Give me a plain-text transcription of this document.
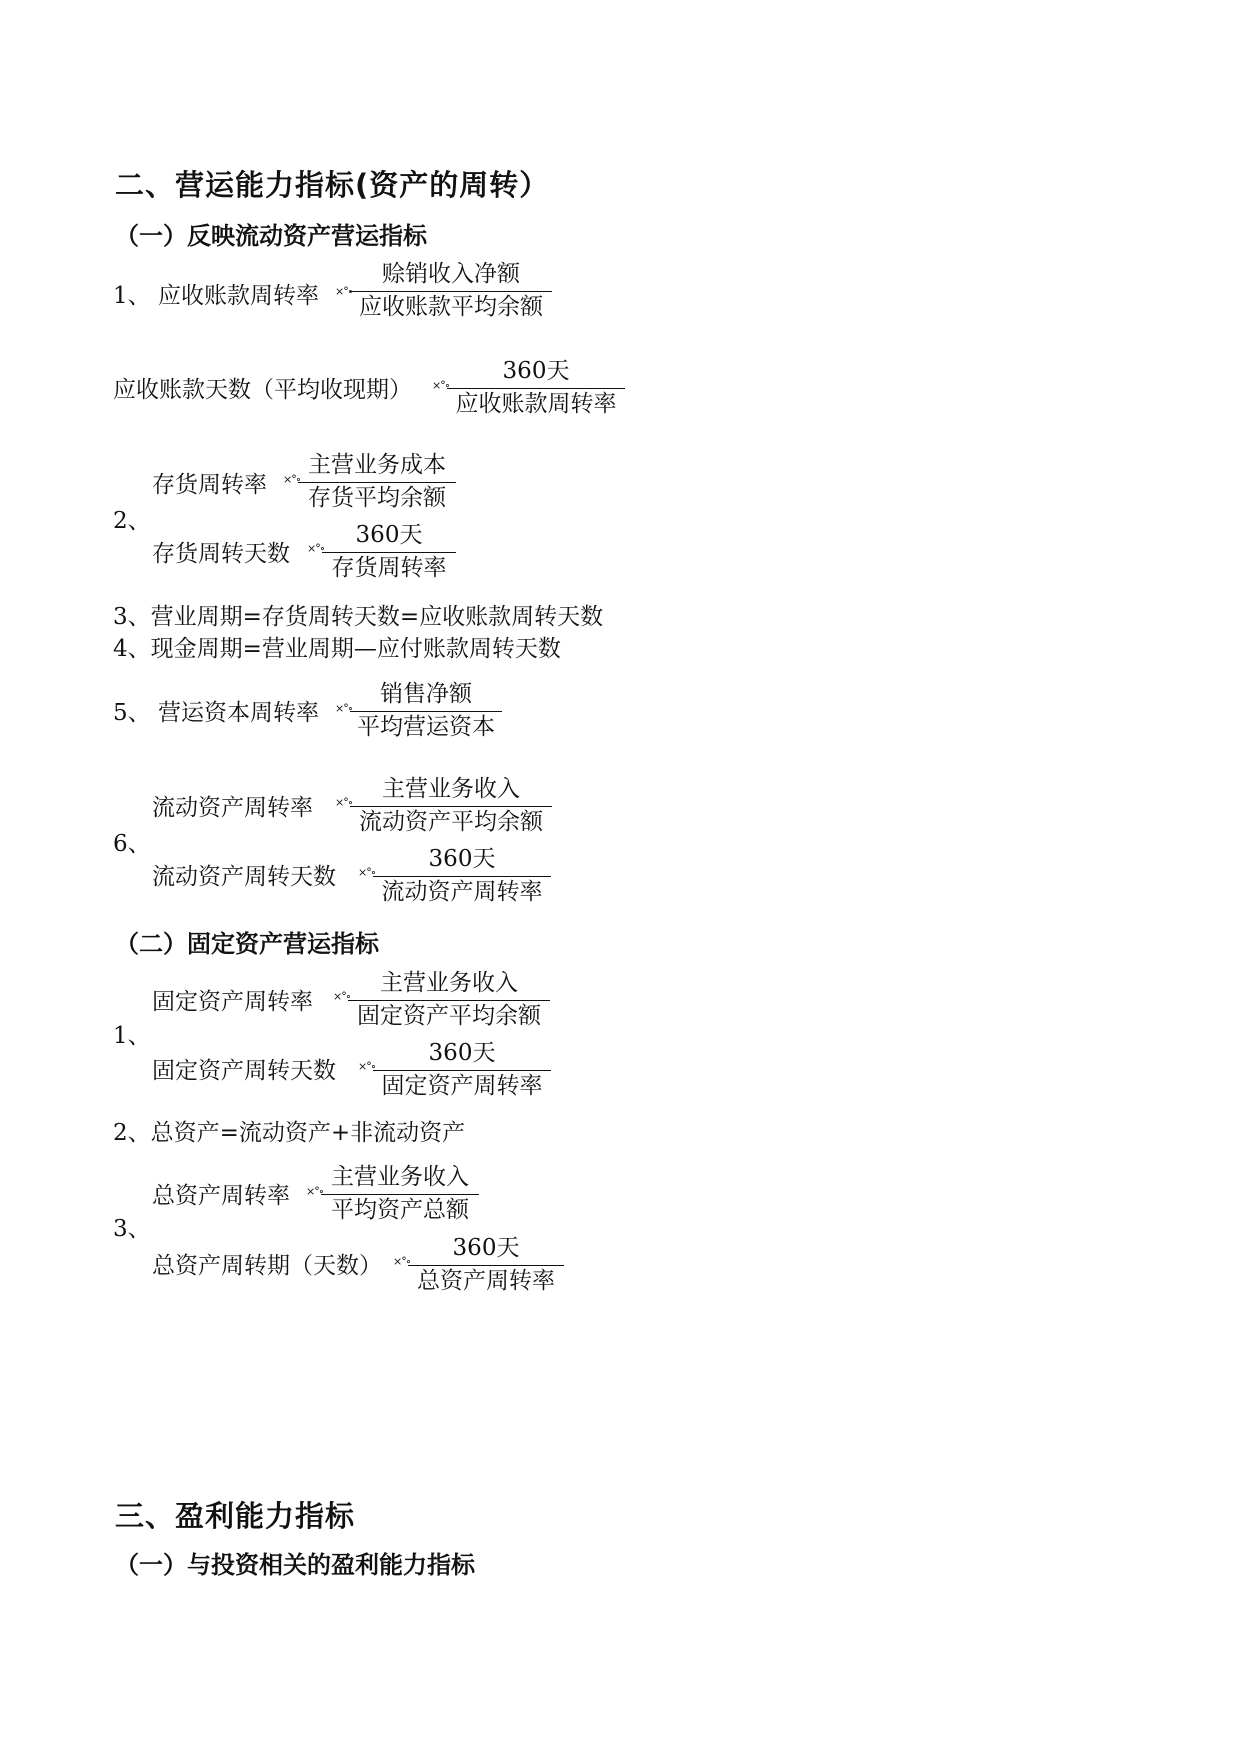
二、营运能力指标(资产的周转）
（一）反映流动资产营运指标
1、 应收账款周转率 ×°∘
赊销收入净额
应收账款平均余额
应收账款天数（平均收现期） ×°∘
360天
应收账款周转率
2、
存货周转率 ×°∘
主营业务成本
存货平均余额
存货周转天数 ×°∘
360天
存货周转率
3、营业周期=存货周转天数=应收账款周转天数
4、现金周期=营业周期—应付账款周转天数
5、 营运资本周转率 ×°∘
销售净额
平均营运资本
6、
流动资产周转率 ×°∘
主营业务收入
流动资产平均余额
流动资产周转天数 ×°∘
360天
流动资产周转率
（二）固定资产营运指标
1、
固定资产周转率 ×°∘
主营业务收入
固定资产平均余额
固定资产周转天数 ×°∘
360天
固定资产周转率
2、总资产=流动资产+非流动资产
3、
总资产周转率 ×°∘
主营业务收入
平均资产总额
总资产周转期（天数） ×°∘
360天
总资产周转率
三、盈利能力指标
（一）与投资相关的盈利能力指标
